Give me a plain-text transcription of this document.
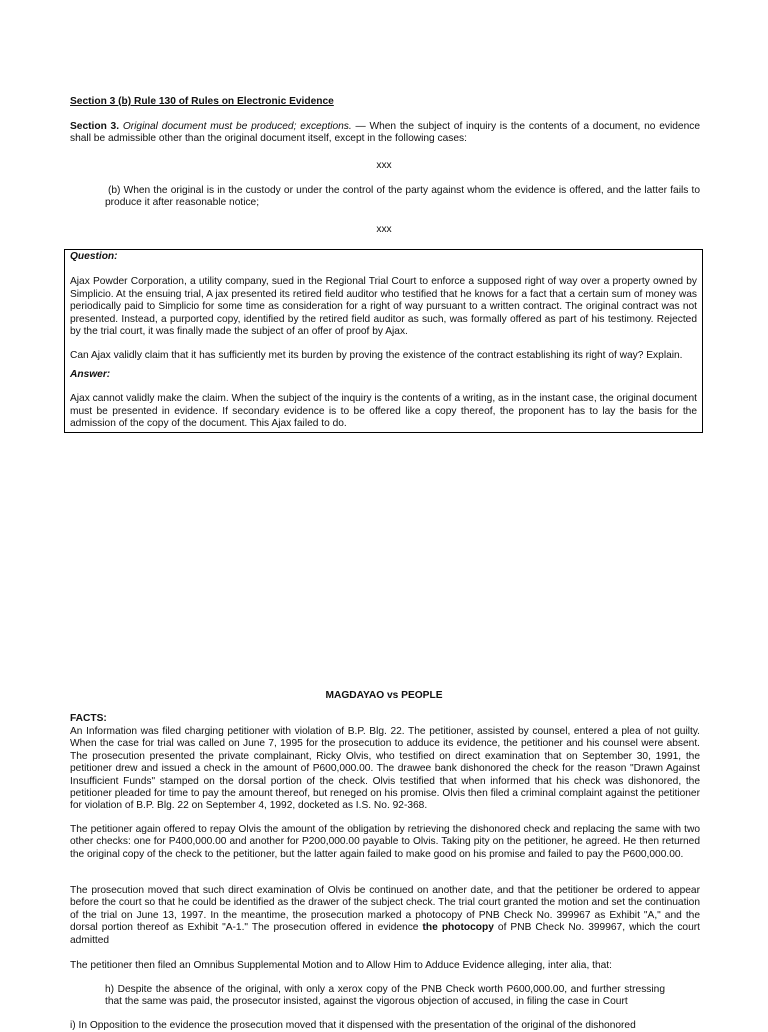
Section 3 (b) Rule 130 of Rules on Electronic Evidence
Section 3. Original document must be produced; exceptions. — When the subject of inquiry is the contents of a document, no evidence shall be admissible other than the original document itself, except in the following cases:
xxx
(b) When the original is in the custody or under the control of the party against whom the evidence is offered, and the latter fails to produce it after reasonable notice;
xxx

Question:

Ajax Powder Corporation, a utility company, sued in the Regional Trial Court to enforce a supposed right of way over a property owned by Simplicio. At the ensuing trial, A jax presented its retired field auditor who testified that he knows for a fact that a certain sum of money was periodically paid to Simplicio for some time as consideration for a right of way pursuant to a written contract. The original contract was not presented. Instead, a purported copy, identified by the retired field auditor as such, was formally offered as part of his testimony. Rejected by the trial court, it was finally made the subject of an offer of proof by Ajax.

Can Ajax validly claim that it has sufficiently met its burden by proving the existence of the contract establishing its right of way? Explain.

Answer:

Ajax cannot validly make the claim. When the subject of the inquiry is the contents of a writing, as in the instant case, the original document must be presented in evidence. If secondary evidence is to be offered like a copy thereof, the proponent has to lay the basis for the admission of the copy of the document. This Ajax failed to do.

MAGDAYAO vs PEOPLE
FACTS:
An Information was filed charging petitioner with violation of B.P. Blg. 22. The petitioner, assisted by counsel, entered a plea of not guilty. When the case for trial was called on June 7, 1995 for the prosecution to adduce its evidence, the petitioner and his counsel were absent. The prosecution presented the private complainant, Ricky Olvis, who testified on direct examination that on September 30, 1991, the petitioner drew and issued a check in the amount of P600,000.00. The drawee bank dishonored the check for the reason "Drawn Against Insufficient Funds" stamped on the dorsal portion of the check. Olvis testified that when informed that his check was dishonored, the petitioner pleaded for time to pay the amount thereof, but reneged on his promise. Olvis then filed a criminal complaint against the petitioner for violation of B.P. Blg. 22 on September 4, 1992, docketed as I.S. No. 92-368.
The petitioner again offered to repay Olvis the amount of the obligation by retrieving the dishonored check and replacing the same with two other checks: one for P400,000.00 and another for P200,000.00 payable to Olvis. Taking pity on the petitioner, he agreed. He then returned the original copy of the check to the petitioner, but the latter again failed to make good on his promise and failed to pay the P600,000.00.
The prosecution moved that such direct examination of Olvis be continued on another date, and that the petitioner be ordered to appear before the court so that he could be identified as the drawer of the subject check. The trial court granted the motion and set the continuation of the trial on June 13, 1997. In the meantime, the prosecution marked a photocopy of PNB Check No. 399967 as Exhibit "A," and the dorsal portion thereof as Exhibit "A-1." The prosecution offered in evidence the photocopy of PNB Check No. 399967, which the court admitted
The petitioner then filed an Omnibus Supplemental Motion and to Allow Him to Adduce Evidence alleging, inter alia, that:
h) Despite the absence of the original, with only a xerox copy of the PNB Check worth P600,000.00, and further stressing that the same was paid, the prosecutor insisted, against the vigorous objection of accused, in filing the case in Court
i) In Opposition to the evidence the prosecution moved that it dispensed with the presentation of the original of the dishonored
